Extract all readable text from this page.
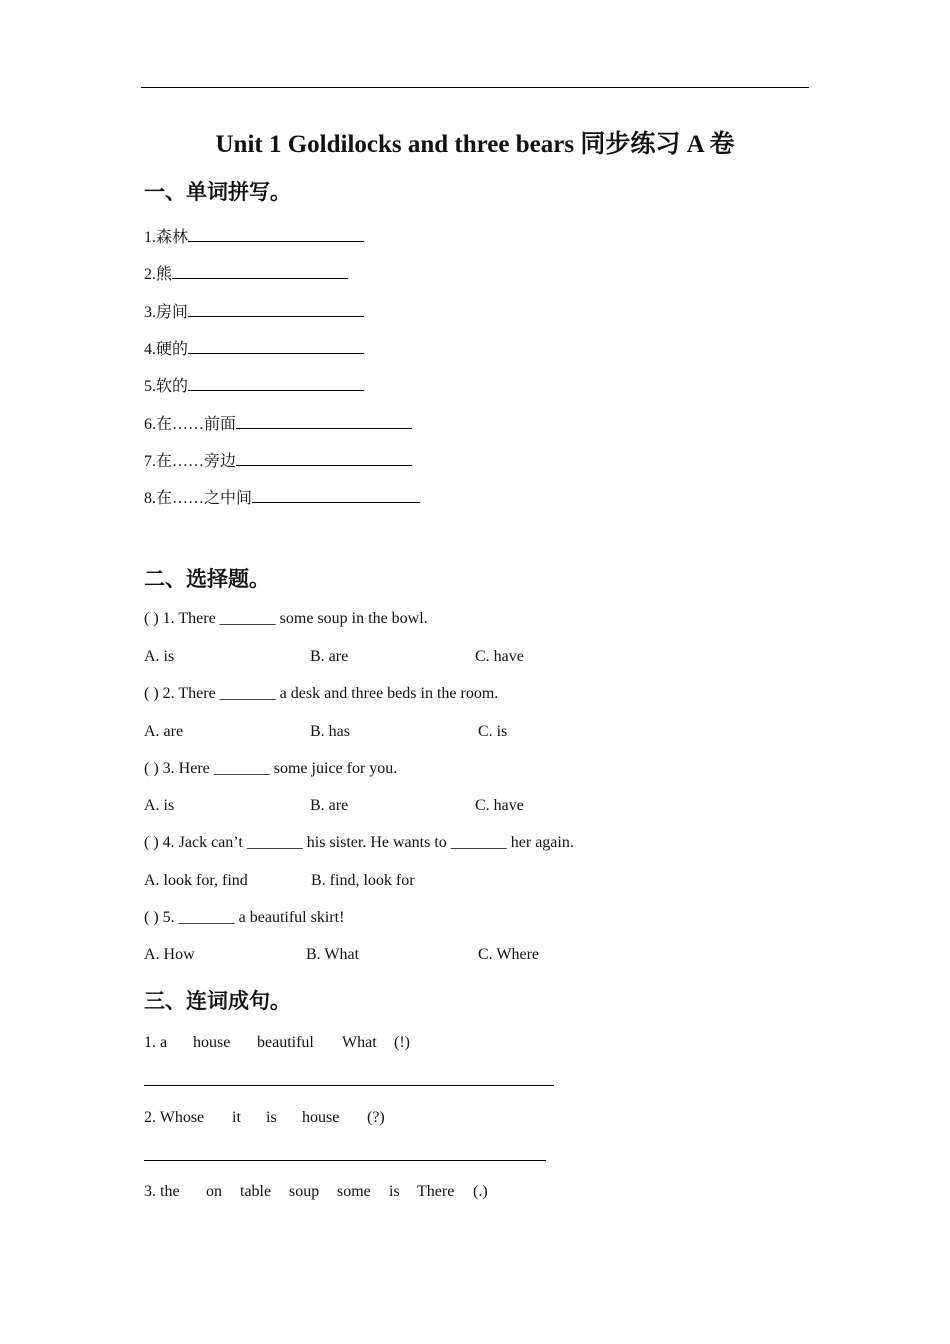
Unit 1 Goldilocks and three bears 同步练习 A 卷
一、单词拼写。
1.森林
2.熊
3.房间
4.硬的
5.软的
6.在……前面
7.在……旁边
8.在……之中间
二、选择题。
( ) 1. There _______ some soup in the bowl.
A. is	B. are	C. have
( ) 2. There _______ a desk and three beds in the room.
A. are	B. has	C. is
( ) 3. Here _______ some juice for you.
A. is	B. are	C. have
( ) 4. Jack can’t _______ his sister. He wants to _______ her again.
A. look for, find	B. find, look for
( ) 5. _______ a beautiful skirt!
A. How	B. What	C. Where
三、连词成句。
1. a house beautiful What (!)
2. Whose it is house (?)
3. the on table soup some is There (.)
